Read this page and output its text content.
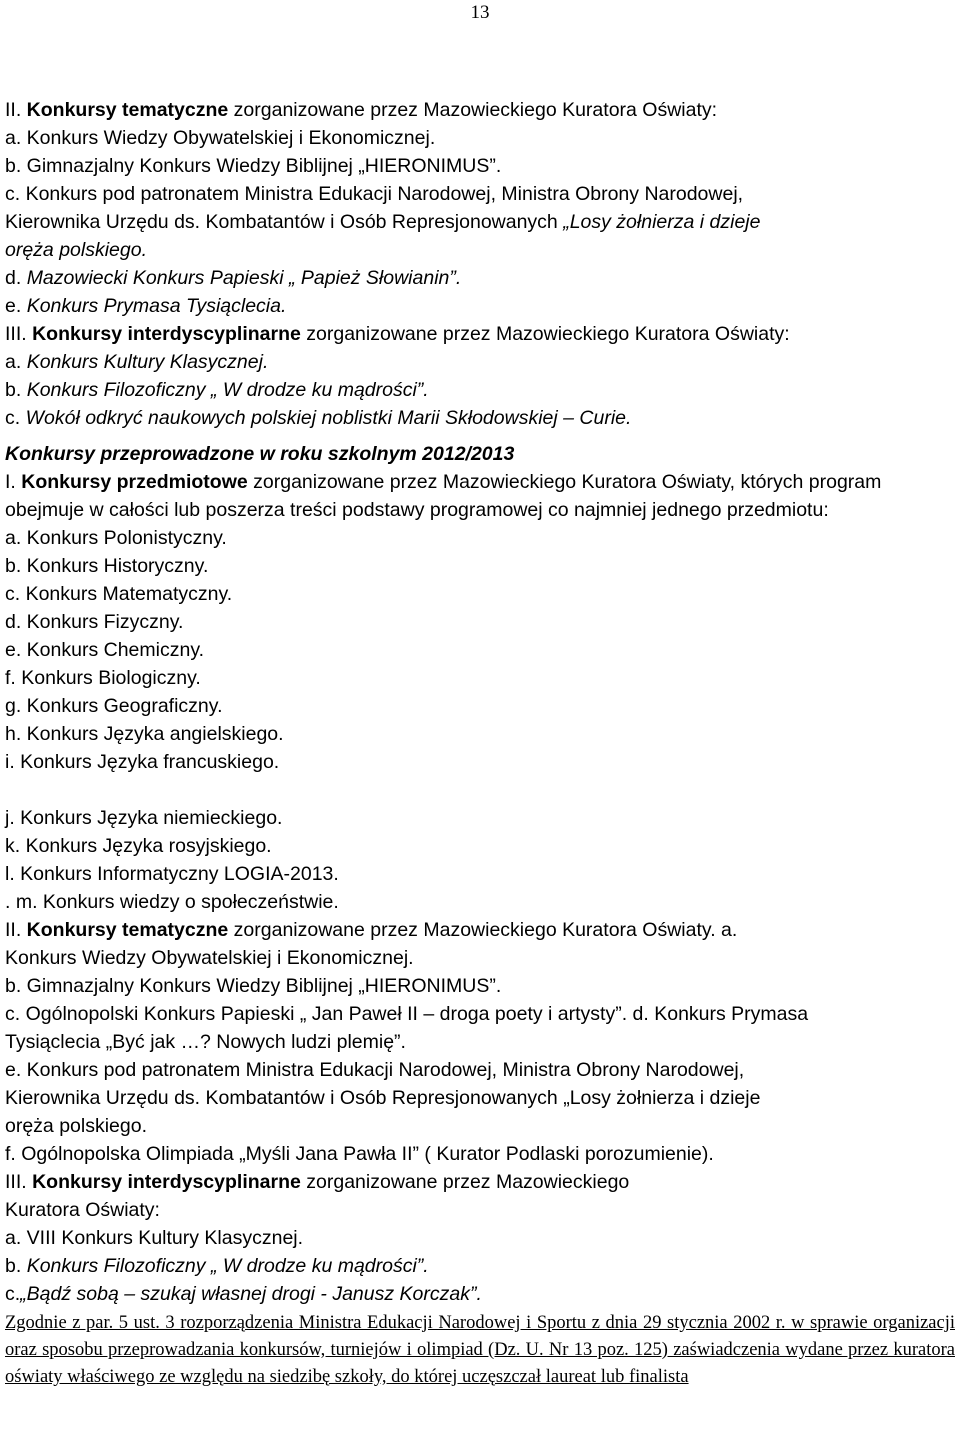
13
II. Konkursy tematyczne zorganizowane przez Mazowieckiego Kuratora Oświaty:
a. Konkurs Wiedzy Obywatelskiej i Ekonomicznej.
b. Gimnazjalny Konkurs Wiedzy Biblijnej „HIERONIMUS”.
c. Konkurs pod patronatem Ministra Edukacji Narodowej, Ministra Obrony Narodowej,
Kierownika Urzędu ds. Kombatantów i Osób Represjonowanych „Losy żołnierza i dzieje
oręża polskiego.
d. Mazowiecki Konkurs Papieski „ Papież Słowianin”.
e. Konkurs Prymasa Tysiąclecia.
III. Konkursy interdyscyplinarne zorganizowane przez Mazowieckiego Kuratora Oświaty:
a. Konkurs Kultury Klasycznej.
b. Konkurs Filozoficzny „ W drodze ku mądrości”.
c. Wokół odkryć naukowych polskiej noblistki Marii Skłodowskiej – Curie.
Konkursy przeprowadzone w roku szkolnym 2012/2013
I. Konkursy przedmiotowe zorganizowane przez Mazowieckiego Kuratora Oświaty, których program obejmuje w całości lub poszerza treści podstawy programowej co najmniej jednego przedmiotu:
a. Konkurs Polonistyczny.
b. Konkurs Historyczny.
c. Konkurs Matematyczny.
d. Konkurs Fizyczny.
e. Konkurs Chemiczny.
f. Konkurs Biologiczny.
g. Konkurs Geograficzny.
h. Konkurs Języka angielskiego.
i. Konkurs Języka francuskiego.
j. Konkurs Języka niemieckiego.
k. Konkurs Języka rosyjskiego.
l. Konkurs Informatyczny LOGIA-2013.
. m. Konkurs wiedzy o społeczeństwie.
II. Konkursy tematyczne zorganizowane przez Mazowieckiego Kuratora Oświaty. a.
Konkurs Wiedzy Obywatelskiej i Ekonomicznej.
b. Gimnazjalny Konkurs Wiedzy Biblijnej „HIERONIMUS”.
c. Ogólnopolski Konkurs Papieski „ Jan Paweł II – droga poety i artysty”. d. Konkurs Prymasa
Tysiąclecia „Być jak …? Nowych ludzi plemię”.
e. Konkurs pod patronatem Ministra Edukacji Narodowej, Ministra Obrony Narodowej,
Kierownika Urzędu ds. Kombatantów i Osób Represjonowanych „Losy żołnierza i dzieje
oręża polskiego.
f. Ogólnopolska Olimpiada „Myśli Jana Pawła II” ( Kurator Podlaski porozumienie).
III. Konkursy interdyscyplinarne zorganizowane przez Mazowieckiego
Kuratora Oświaty:
a. VIII Konkurs Kultury Klasycznej.
b. Konkurs Filozoficzny „ W drodze ku mądrości”.
c.„Bądź sobą – szukaj własnej drogi - Janusz Korczak”.
Zgodnie z par. 5 ust. 3 rozporządzenia Ministra Edukacji Narodowej i Sportu z dnia 29 stycznia 2002 r. w sprawie organizacji oraz sposobu przeprowadzania konkursów, turniejów i olimpiad (Dz. U. Nr 13 poz. 125) zaświadczenia wydane przez kuratora oświaty właściwego ze względu na siedzibę szkoły, do której uczęszczał laureat lub finalista
